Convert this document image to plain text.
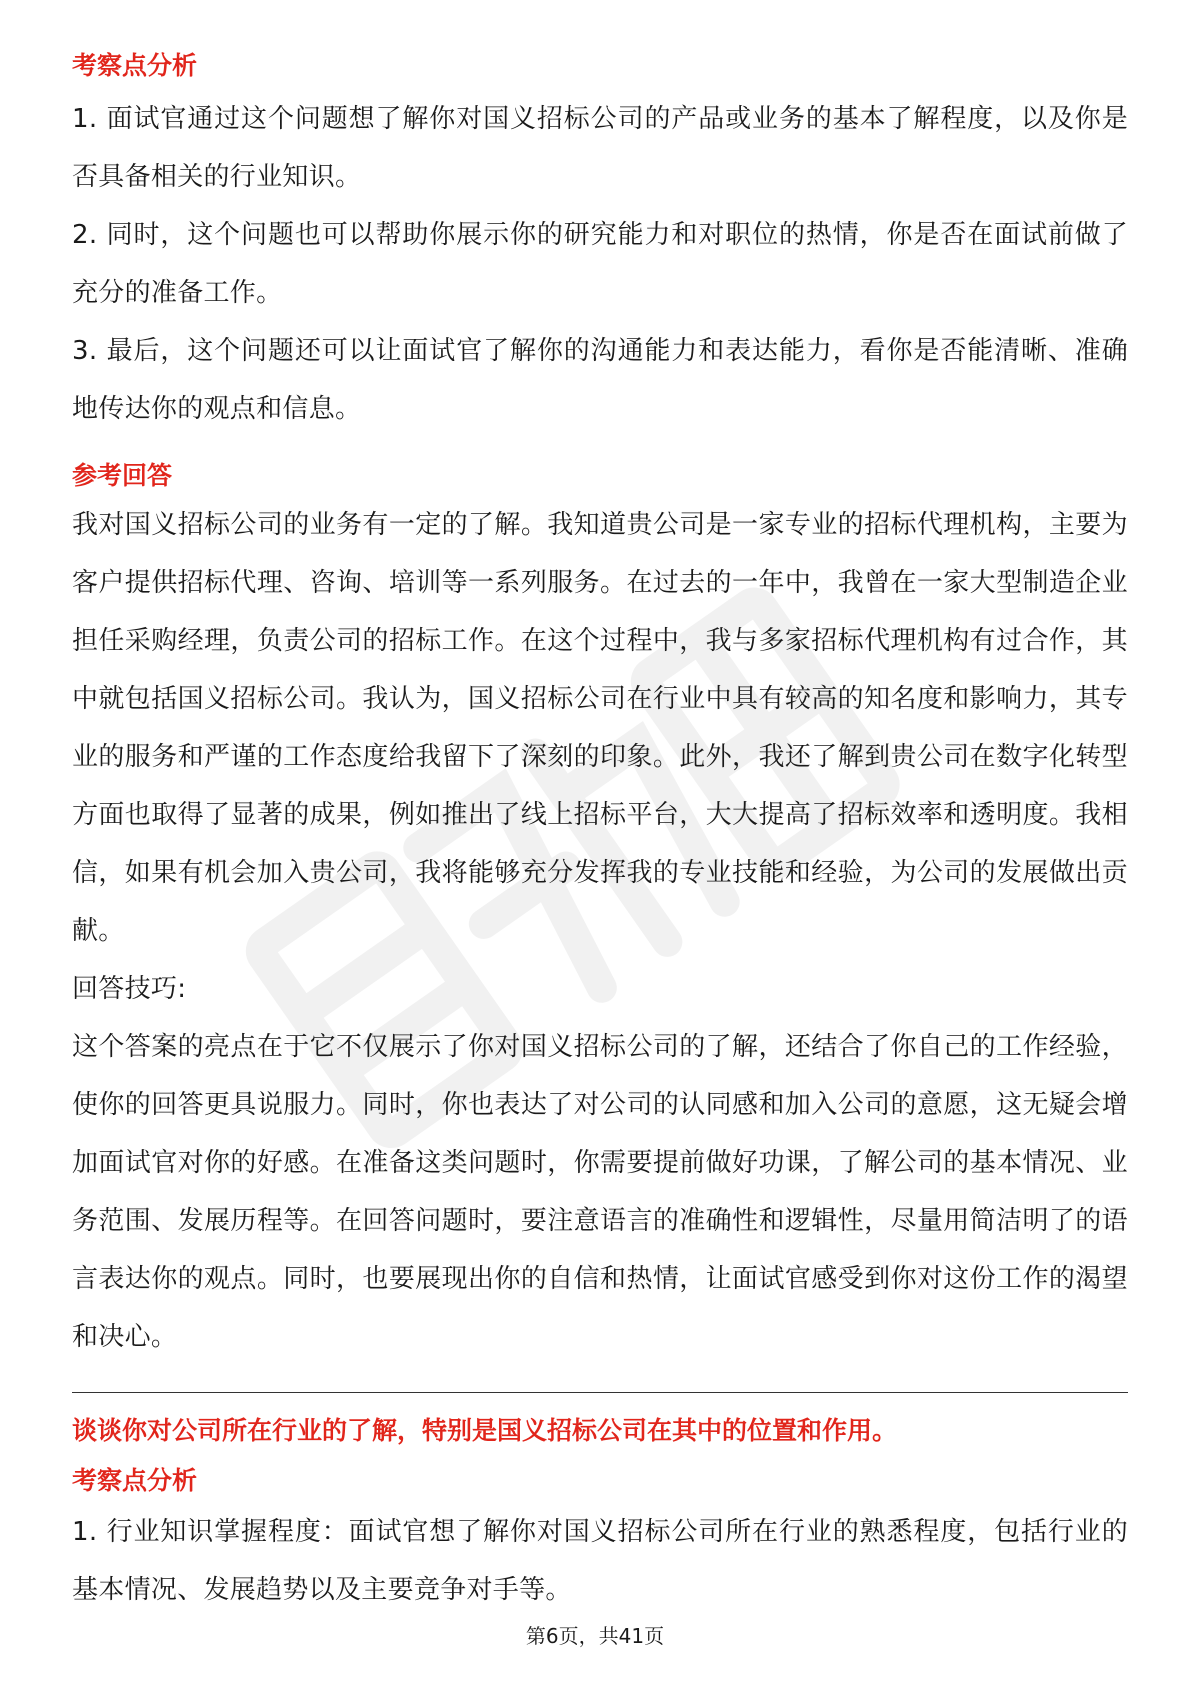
考察点分析

1. 面试官通过这个问题想了解你对国义招标公司的产品或业务的基本了解程度，以及你是否具备相关的行业知识。

2. 同时，这个问题也可以帮助你展示你的研究能力和对职位的热情，你是否在面试前做了充分的准备工作。

3. 最后，这个问题还可以让面试官了解你的沟通能力和表达能力，看你是否能清晰、准确地传达你的观点和信息。

参考回答

我对国义招标公司的业务有一定的了解。我知道贵公司是一家专业的招标代理机构，主要为客户提供招标代理、咨询、培训等一系列服务。在过去的一年中，我曾在一家大型制造企业担任采购经理，负责公司的招标工作。在这个过程中，我与多家招标代理机构有过合作，其中就包括国义招标公司。我认为，国义招标公司在行业中具有较高的知名度和影响力，其专业的服务和严谨的工作态度给我留下了深刻的印象。此外，我还了解到贵公司在数字化转型方面也取得了显著的成果，例如推出了线上招标平台，大大提高了招标效率和透明度。我相信，如果有机会加入贵公司，我将能够充分发挥我的专业技能和经验，为公司的发展做出贡献。

回答技巧:

这个答案的亮点在于它不仅展示了你对国义招标公司的了解，还结合了你自己的工作经验，使你的回答更具说服力。同时，你也表达了对公司的认同感和加入公司的意愿，这无疑会增加面试官对你的好感。在准备这类问题时，你需要提前做好功课，了解公司的基本情况、业务范围、发展历程等。在回答问题时，要注意语言的准确性和逻辑性，尽量用简洁明了的语言表达你的观点。同时，也要展现出你的自信和热情，让面试官感受到你对这份工作的渴望和决心。

谈谈你对公司所在行业的了解，特别是国义招标公司在其中的位置和作用。

考察点分析

1. 行业知识掌握程度：面试官想了解你对国义招标公司所在行业的熟悉程度，包括行业的基本情况、发展趋势以及主要竞争对手等。

第6页，共41页
